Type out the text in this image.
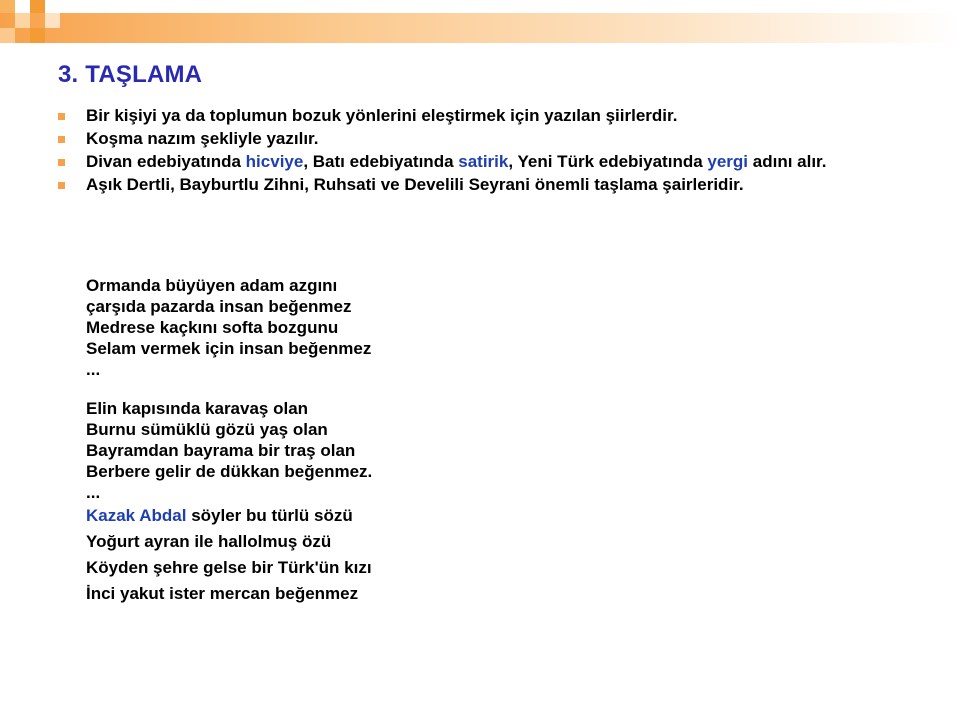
3. TAŞLAMA
Bir kişiyi ya da toplumun bozuk yönlerini eleştirmek için yazılan şiirlerdir.
Koşma nazım şekliyle yazılır.
Divan edebiyatında hicviye, Batı edebiyatında satirik, Yeni Türk edebiyatında yergi adını alır.
Aşık Dertli, Bayburtlu Zihni, Ruhsati ve Develili Seyrani önemli taşlama şairleridir.
Ormanda büyüyen adam azgını
çarşıda pazarda insan beğenmez
Medrese kaçkını softa bozgunu
Selam vermek için insan beğenmez
...
Elin kapısında karavaş olan
Burnu sümüklü gözü yaş olan
Bayramdan bayrama bir traş olan
Berbere gelir de dükkan beğenmez.
...
Kazak Abdal söyler bu türlü sözü
Yoğurt ayran ile hallolmuş özü
Köyden şehre gelse bir Türk'ün kızı
İnci yakut ister mercan beğenmez
